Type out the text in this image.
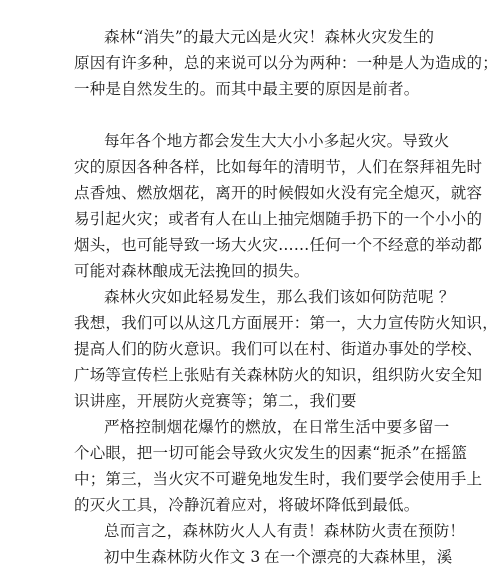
森林“消失”的最大元凶是火灾！森林火灾发生的
原因有许多种，总的来说可以分为两种：一种是人为造成的；
一种是自然发生的。而其中最主要的原因是前者。
每年各个地方都会发生大大小小多起火灾。导致火
灾的原因各种各样，比如每年的清明节，人们在祭拜祖先时
点香烛、燃放烟花，离开的时候假如火没有完全熄灭，就容
易引起火灾；或者有人在山上抽完烟随手扔下的一个小小的
烟头，也可能导致一场大火灾……任何一个不经意的举动都
可能对森林酿成无法挽回的损失。
森林火灾如此轻易发生，那么我们该如何防范呢 ？
我想，我们可以从这几方面展开：第一，大力宣传防火知识，
提高人们的防火意识。我们可以在村、街道办事处的学校、
广场等宣传栏上张贴有关森林防火的知识，组织防火安全知
识讲座，开展防火竞赛等；第二，我们要
严格控制烟花爆竹的燃放，在日常生活中要多留一
个心眼，把一切可能会导致火灾发生的因素“扼杀”在摇篮
中；第三，当火灾不可避免地发生时，我们要学会使用手上
的灭火工具，冷静沉着应对，将破坏降低到最低。
总而言之，森林防火人人有责！森林防火责在预防！
初中生森林防火作文 3 在一个漂亮的大森林里，溪
